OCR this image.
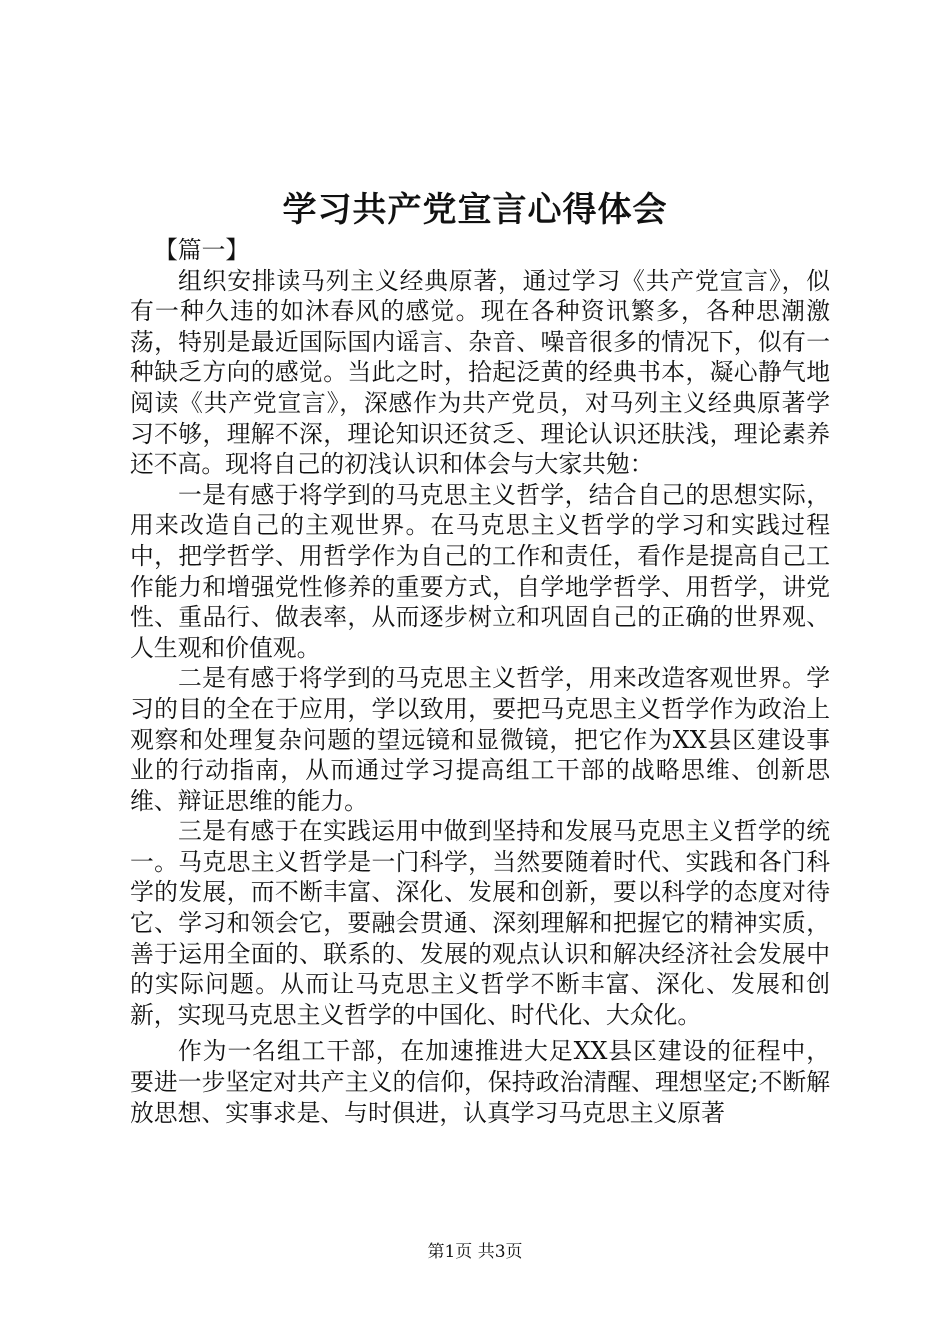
学习共产党宣言心得体会

【篇一】

组织安排读马列主义经典原著，通过学习《共产党宣言》，似有一种久违的如沐春风的感觉。现在各种资讯繁多，各种思潮激荡，特别是最近国际国内谣言、杂音、噪音很多的情况下，似有一种缺乏方向的感觉。当此之时，拾起泛黄的经典书本，凝心静气地阅读《共产党宣言》，深感作为共产党员，对马列主义经典原著学习不够，理解不深，理论知识还贫乏、理论认识还肤浅，理论素养还不高。现将自己的初浅认识和体会与大家共勉：

一是有感于将学到的马克思主义哲学，结合自己的思想实际，用来改造自己的主观世界。在马克思主义哲学的学习和实践过程中，把学哲学、用哲学作为自己的工作和责任，看作是提高自己工作能力和增强党性修养的重要方式，自学地学哲学、用哲学，讲党性、重品行、做表率，从而逐步树立和巩固自己的正确的世界观、人生观和价值观。

二是有感于将学到的马克思主义哲学，用来改造客观世界。学习的目的全在于应用，学以致用，要把马克思主义哲学作为政治上观察和处理复杂问题的望远镜和显微镜，把它作为XX县区建设事业的行动指南，从而通过学习提高组工干部的战略思维、创新思维、辩证思维的能力。

三是有感于在实践运用中做到坚持和发展马克思主义哲学的统一。马克思主义哲学是一门科学，当然要随着时代、实践和各门科学的发展，而不断丰富、深化、发展和创新，要以科学的态度对待它、学习和领会它，要融会贯通、深刻理解和把握它的精神实质，善于运用全面的、联系的、发展的观点认识和解决经济社会发展中的实际问题。从而让马克思主义哲学不断丰富、深化、发展和创新，实现马克思主义哲学的中国化、时代化、大众化。

作为一名组工干部，在加速推进大足XX县区建设的征程中，要进一步坚定对共产主义的信仰，保持政治清醒、理想坚定;不断解放思想、实事求是、与时俱进，认真学习马克思主义原著

第1页 共3页
